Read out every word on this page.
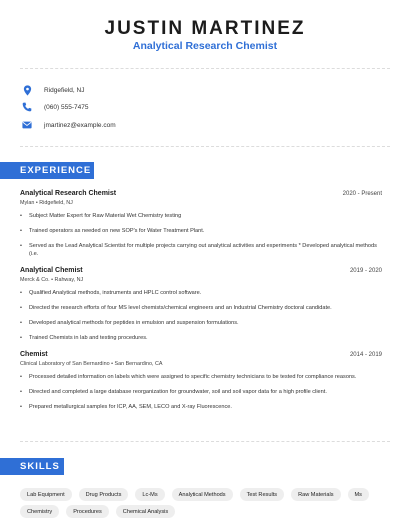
JUSTIN MARTINEZ
Analytical Research Chemist
Ridgefield, NJ
(060) 555-7475
jmartinez@example.com
EXPERIENCE
Analytical Research Chemist	2020 - Present
Mylan • Ridgefield, NJ
• Subject Matter Expert for Raw Material Wet Chemistry testing
• Trained operators as needed on new SOP's for Water Treatment Plant.
• Served as the Lead Analytical Scientist for multiple projects carrying out analytical activities and experiments * Developed analytical methods (i.e.
Analytical Chemist	2019 - 2020
Merck & Co. • Rahway, NJ
• Qualified Analytical methods, instruments and HPLC control software.
• Directed the research efforts of four MS level chemists/chemical engineers and an Industrial Chemistry doctoral candidate.
• Developed analytical methods for peptides in emulsion and suspension formulations.
• Trained Chemists in lab and testing procedures.
Chemist	2014 - 2019
Clinical Laboratory of San Bernardino • San Bernardino, CA
• Processed detailed information on labels which were assigned to specific chemistry technicians to be tested for compliance reasons.
• Directed and completed a large database reorganization for groundwater, soil and soil vapor data for a high profile client.
• Prepared metallurgical samples for ICP, AA, SEM, LECO and X-ray Fluorescence.
SKILLS
Lab Equipment	Drug Products	Lc-Ms	Analytical Methods	Test Results	Raw Materials	Ms
Chemistry	Procedures	Chemical Analysis
